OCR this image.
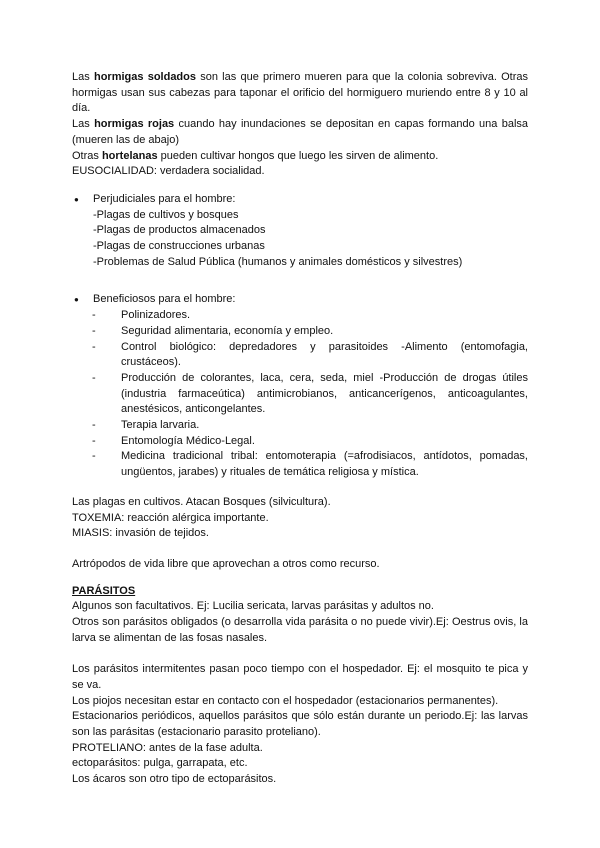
Las hormigas soldados son las que primero mueren para que la colonia sobreviva. Otras hormigas usan sus cabezas para taponar el orificio del hormiguero muriendo entre 8 y 10 al día.

Las hormigas rojas cuando hay inundaciones se depositan en capas formando una balsa (mueren las de abajo)

Otras hortelanas pueden cultivar hongos que luego les sirven de alimento.

EUSOCIALIDAD: verdadera socialidad.

● Perjudiciales para el hombre:
-Plagas de cultivos y bosques
-Plagas de productos almacenados
-Plagas de construcciones urbanas
-Problemas de Salud Pública (humanos y animales domésticos y silvestres)
● Beneficiosos para el hombre:
- Polinizadores.
- Seguridad alimentaria, economía y empleo.
- Control biológico: depredadores y parasitoides -Alimento (entomofagia, crustáceos).
- Producción de colorantes, laca, cera, seda, miel -Producción de drogas útiles (industria farmaceútica) antimicrobianos, anticancerígenos, anticoagulantes, anestésicos, anticongelantes.
- Terapia larvaria.
- Entomología Médico-Legal.
- Medicina tradicional tribal: entomoterapia (=afrodisiacos, antídotos, pomadas, ungüentos, jarabes) y rituales de temática religiosa y mística.

Las plagas en cultivos. Atacan Bosques (silvicultura).

TOXEMIA: reacción alérgica importante.

MIASIS: invasión de tejidos.

Artrópodos de vida libre que aprovechan a otros como recurso.

PARÁSITOS

Algunos son facultativos. Ej: Lucilia sericata, larvas parásitas y adultos no.

Otros son parásitos obligados (o desarrolla vida parásita o no puede vivir).Ej: Oestrus ovis, la larva se alimentan de las fosas nasales.

Los parásitos intermitentes pasan poco tiempo con el hospedador. Ej: el mosquito te pica y se va.

Los piojos necesitan estar en contacto con el hospedador (estacionarios permanentes).

Estacionarios periódicos, aquellos parásitos que sólo están durante un periodo.Ej: las larvas son las parásitas (estacionario parasito proteliano).

PROTELIANO: antes de la fase adulta.

ectoparásitos: pulga, garrapata, etc.

Los ácaros son otro tipo de ectoparásitos.
